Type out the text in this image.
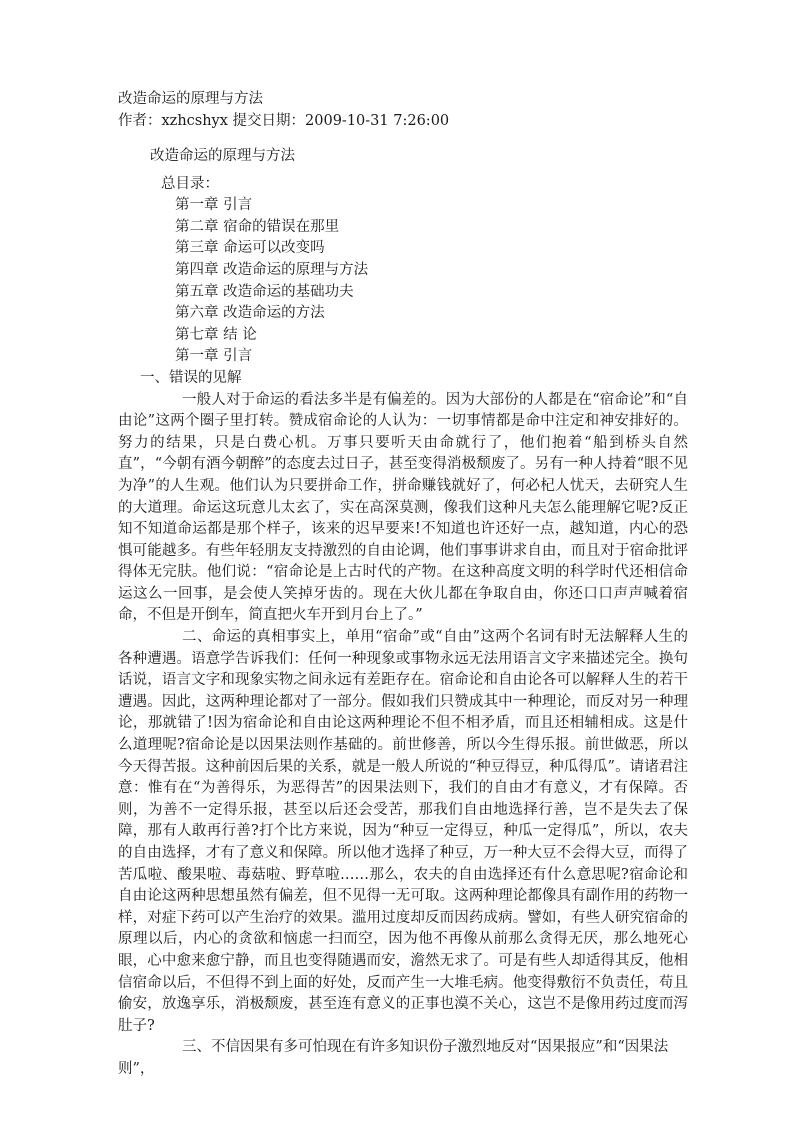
改造命运的原理与方法
作者：xzhcshyx 提交日期：2009-10-31 7:26:00
改造命运的原理与方法
总目录：
第一章 引言
第二章 宿命的错误在那里
第三章 命运可以改变吗
第四章 改造命运的原理与方法
第五章 改造命运的基础功夫
第六章 改造命运的方法
第七章 结 论
第一章 引言
一、错误的见解

一般人对于命运的看法多半是有偏差的。因为大部份的人都是在“宿命论”和“自由论”这两个圈子里打转。赞成宿命论的人认为：一切事情都是命中注定和神安排好的。努力的结果，只是白费心机。万事只要听天由命就行了，他们抱着“船到桥头自然直”，“今朝有酒今朝醉”的态度去过日子，甚至变得消极颓废了。另有一种人持着“眼不见为净”的人生观。他们认为只要拼命工作，拼命赚钱就好了，何必杞人忧天，去研究人生的大道理。命运这玩意儿太玄了，实在高深莫测，像我们这种凡夫怎么能理解它呢?反正知不知道命运都是那个样子，该来的迟早要来!不知道也许还好一点，越知道，内心的恐惧可能越多。有些年轻朋友支持激烈的自由论调，他们事事讲求自由，而且对于宿命批评得体无完肤。他们说：“宿命论是上古时代的产物。在这种高度文明的科学时代还相信命运这么一回事，是会使人笑掉牙齿的。现在大伙儿都在争取自由，你还口口声声喊着宿命，不但是开倒车，简直把火车开到月台上了。”

二、命运的真相事实上，单用“宿命”或“自由”这两个名词有时无法解释人生的各种遭遇。语意学告诉我们：任何一种现象或事物永远无法用语言文字来描述完全。换句话说，语言文字和现象实物之间永远有差距存在。宿命论和自由论各可以解释人生的若干遭遇。因此，这两种理论都对了一部分。假如我们只赞成其中一种理论，而反对另一种理论，那就错了!因为宿命论和自由论这两种理论不但不相矛盾，而且还相辅相成。这是什么道理呢?宿命论是以因果法则作基础的。前世修善，所以今生得乐报。前世做恶，所以今天得苦报。这种前因后果的关系，就是一般人所说的“种豆得豆，种瓜得瓜”。请诸君注意：惟有在“为善得乐，为恶得苦”的因果法则下，我们的自由才有意义，才有保障。否则，为善不一定得乐报，甚至以后还会受苦，那我们自由地选择行善，岂不是失去了保障，那有人敢再行善?打个比方来说，因为“种豆一定得豆，种瓜一定得瓜”，所以，农夫的自由选择，才有了意义和保障。所以他才选择了种豆，万一种大豆不会得大豆，而得了苦瓜啦、酸果啦、毒菇啦、野草啦……那么，农夫的自由选择还有什么意思呢?宿命论和自由论这两种思想虽然有偏差，但不见得一无可取。这两种理论都像具有副作用的药物一样，对症下药可以产生治疗的效果。滥用过度却反而因药成病。譬如，有些人研究宿命的原理以后，内心的贪欲和恼虑一扫而空，因为他不再像从前那么贪得无厌，那么地死心眼，心中愈来愈宁静，而且也变得随遇而安，澹然无求了。可是有些人却适得其反，他相信宿命以后，不但得不到上面的好处，反而产生一大堆毛病。他变得敷衍不负责任，苟且偷安，放逸享乐，消极颓废，甚至连有意义的正事也漠不关心，这岂不是像用药过度而泻肚子?

三、不信因果有多可怕现在有许多知识份子激烈地反对“因果报应”和“因果法则”，
